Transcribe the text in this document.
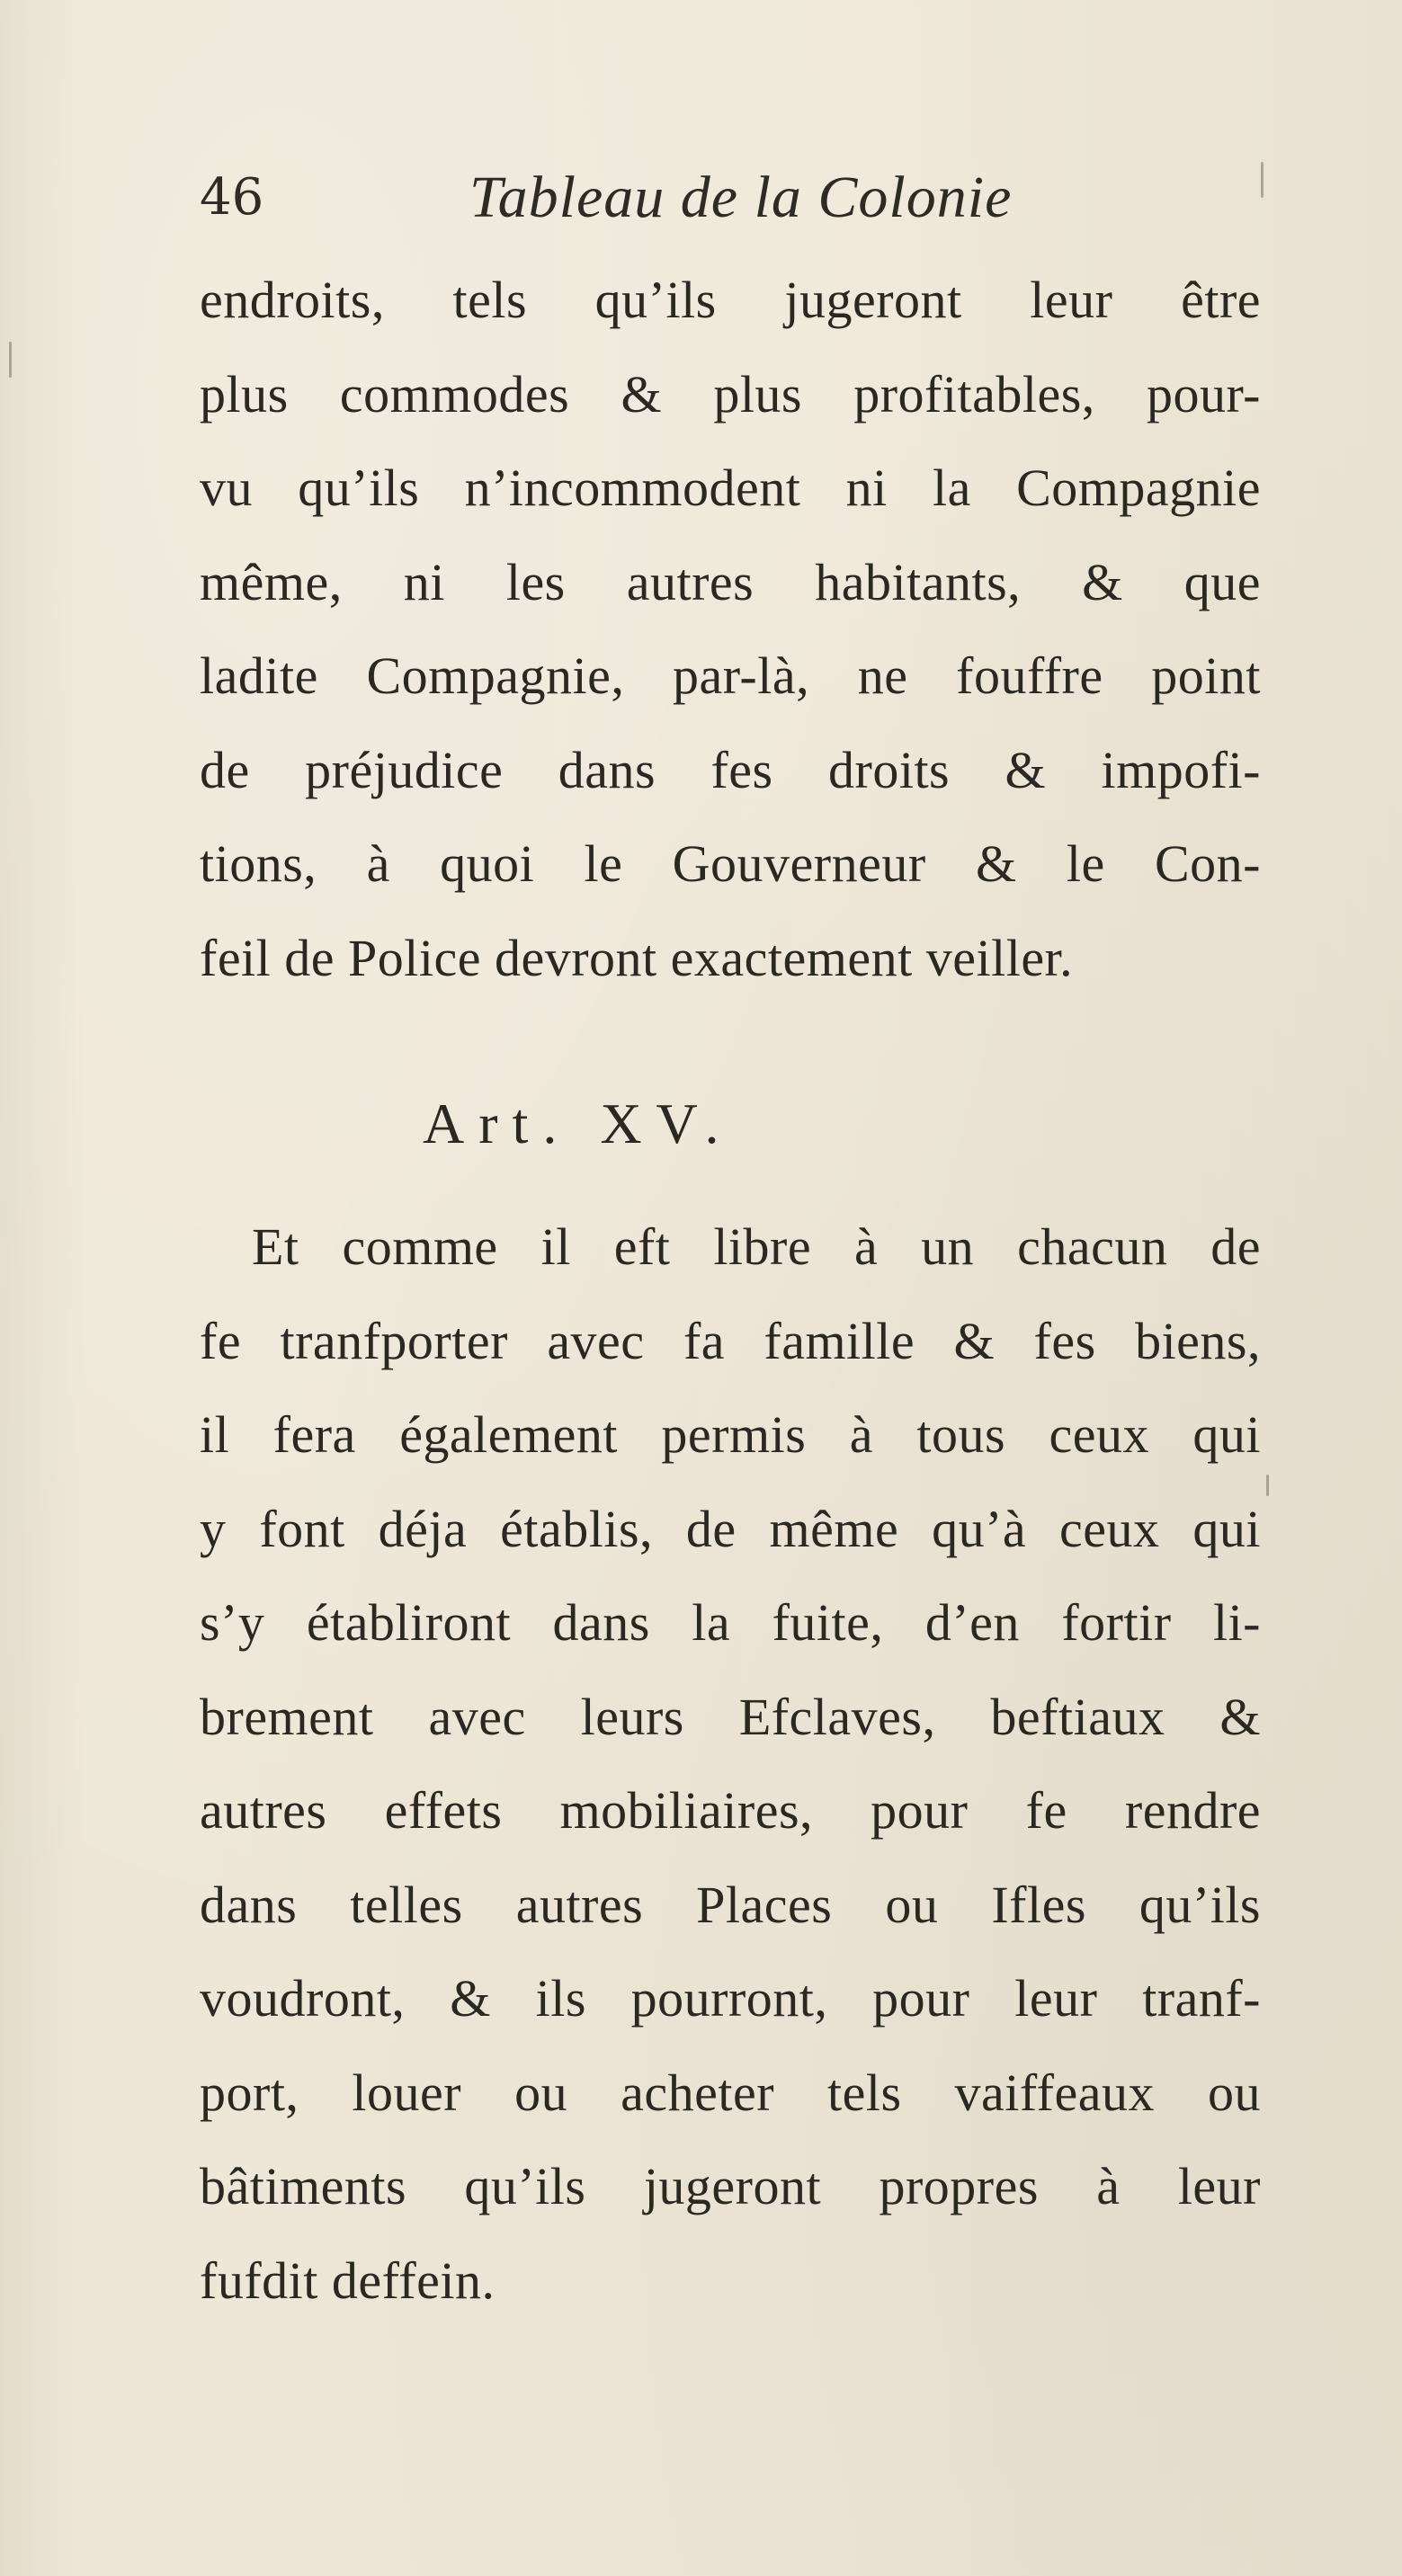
46	Tableau de la Colonie
endroits, tels qu’ils jugeront leur être
plus commodes & plus profitables, pour-
vu qu’ils n’incommodent ni la Compagnie
même, ni les autres habitants, & que
ladite Compagnie, par-là, ne fouffre point
de préjudice dans fes droits & impofi-
tions, à quoi le Gouverneur & le Con-
feil de Police devront exactement veiller.
Art. XV.
Et comme il eft libre à un chacun de
fe tranfporter avec fa famille & fes biens,
il fera également permis à tous ceux qui
y font déja établis, de même qu’à ceux qui
s’y établiront dans la fuite, d’en fortir li-
brement avec leurs Efclaves, beftiaux &
autres effets mobiliaires, pour fe rendre
dans telles autres Places ou Ifles qu’ils
voudront, & ils pourront, pour leur tranf-
port, louer ou acheter tels vaiffeaux ou
bâtiments qu’ils jugeront propres à leur
fufdit deffein.
